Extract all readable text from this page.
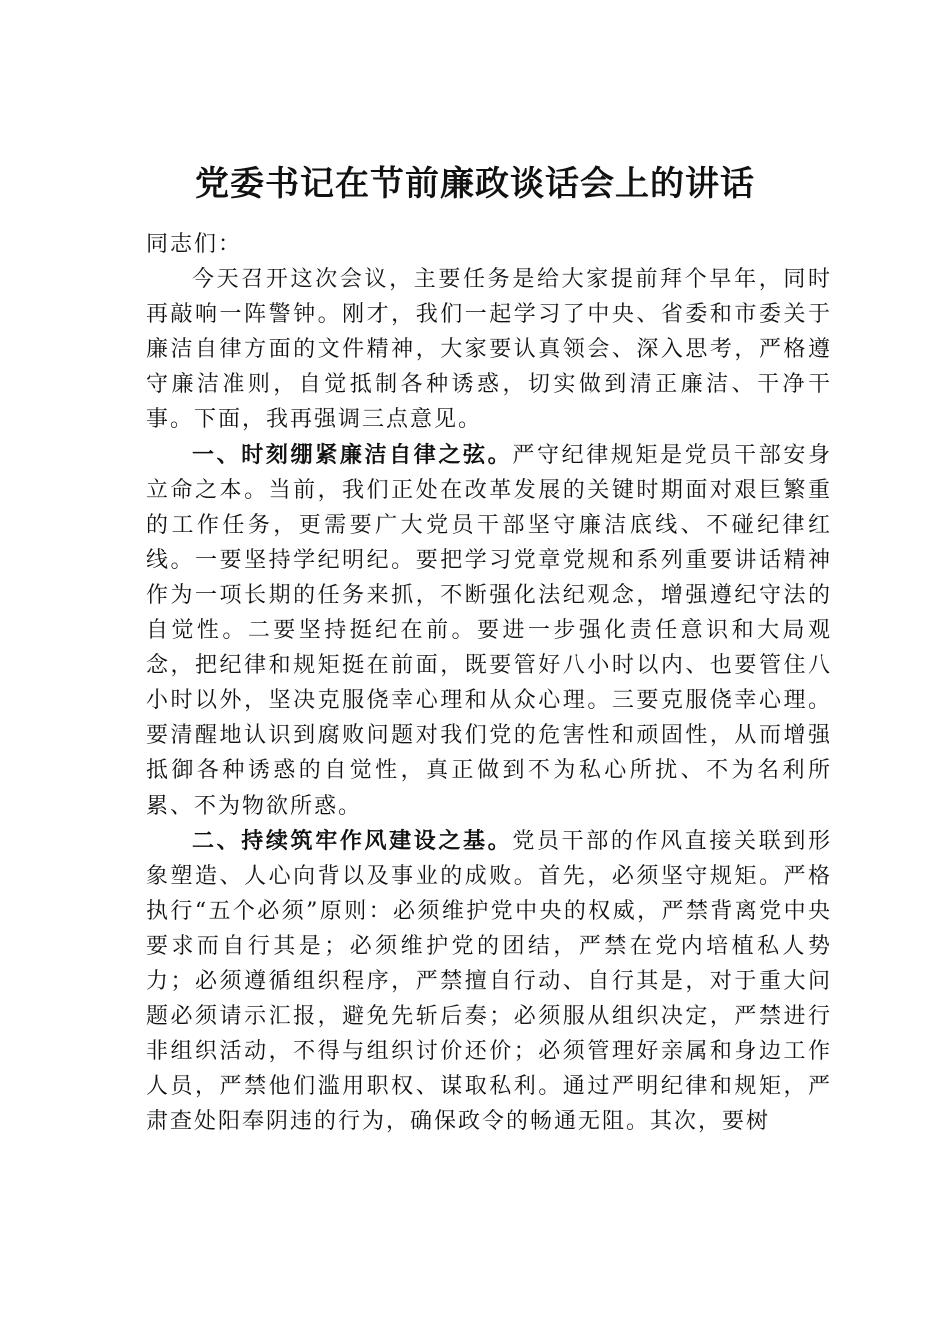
党委书记在节前廉政谈话会上的讲话

同志们：

今天召开这次会议，主要任务是给大家提前拜个早年，同时再敲响一阵警钟。刚才，我们一起学习了中央、省委和市委关于廉洁自律方面的文件精神，大家要认真领会、深入思考，严格遵守廉洁准则，自觉抵制各种诱惑，切实做到清正廉洁、干净干事。下面，我再强调三点意见。

一、时刻绷紧廉洁自律之弦。严守纪律规矩是党员干部安身立命之本。当前，我们正处在改革发展的关键时期面对艰巨繁重的工作任务，更需要广大党员干部坚守廉洁底线、不碰纪律红线。一要坚持学纪明纪。要把学习党章党规和系列重要讲话精神作为一项长期的任务来抓，不断强化法纪观念，增强遵纪守法的自觉性。二要坚持挺纪在前。要进一步强化责任意识和大局观念，把纪律和规矩挺在前面，既要管好八小时以内、也要管住八小时以外，坚决克服侥幸心理和从众心理。三要克服侥幸心理。要清醒地认识到腐败问题对我们党的危害性和顽固性，从而增强抵御各种诱惑的自觉性，真正做到不为私心所扰、不为名利所累、不为物欲所惑。

二、持续筑牢作风建设之基。党员干部的作风直接关联到形象塑造、人心向背以及事业的成败。首先，必须坚守规矩。严格执行“五个必须”原则：必须维护党中央的权威，严禁背离党中央要求而自行其是；必须维护党的团结，严禁在党内培植私人势力；必须遵循组织程序，严禁擅自行动、自行其是，对于重大问题必须请示汇报，避免先斩后奏；必须服从组织决定，严禁进行非组织活动，不得与组织讨价还价；必须管理好亲属和身边工作人员，严禁他们滥用职权、谋取私利。通过严明纪律和规矩，严肃查处阳奉阴违的行为，确保政令的畅通无阻。其次，要树
